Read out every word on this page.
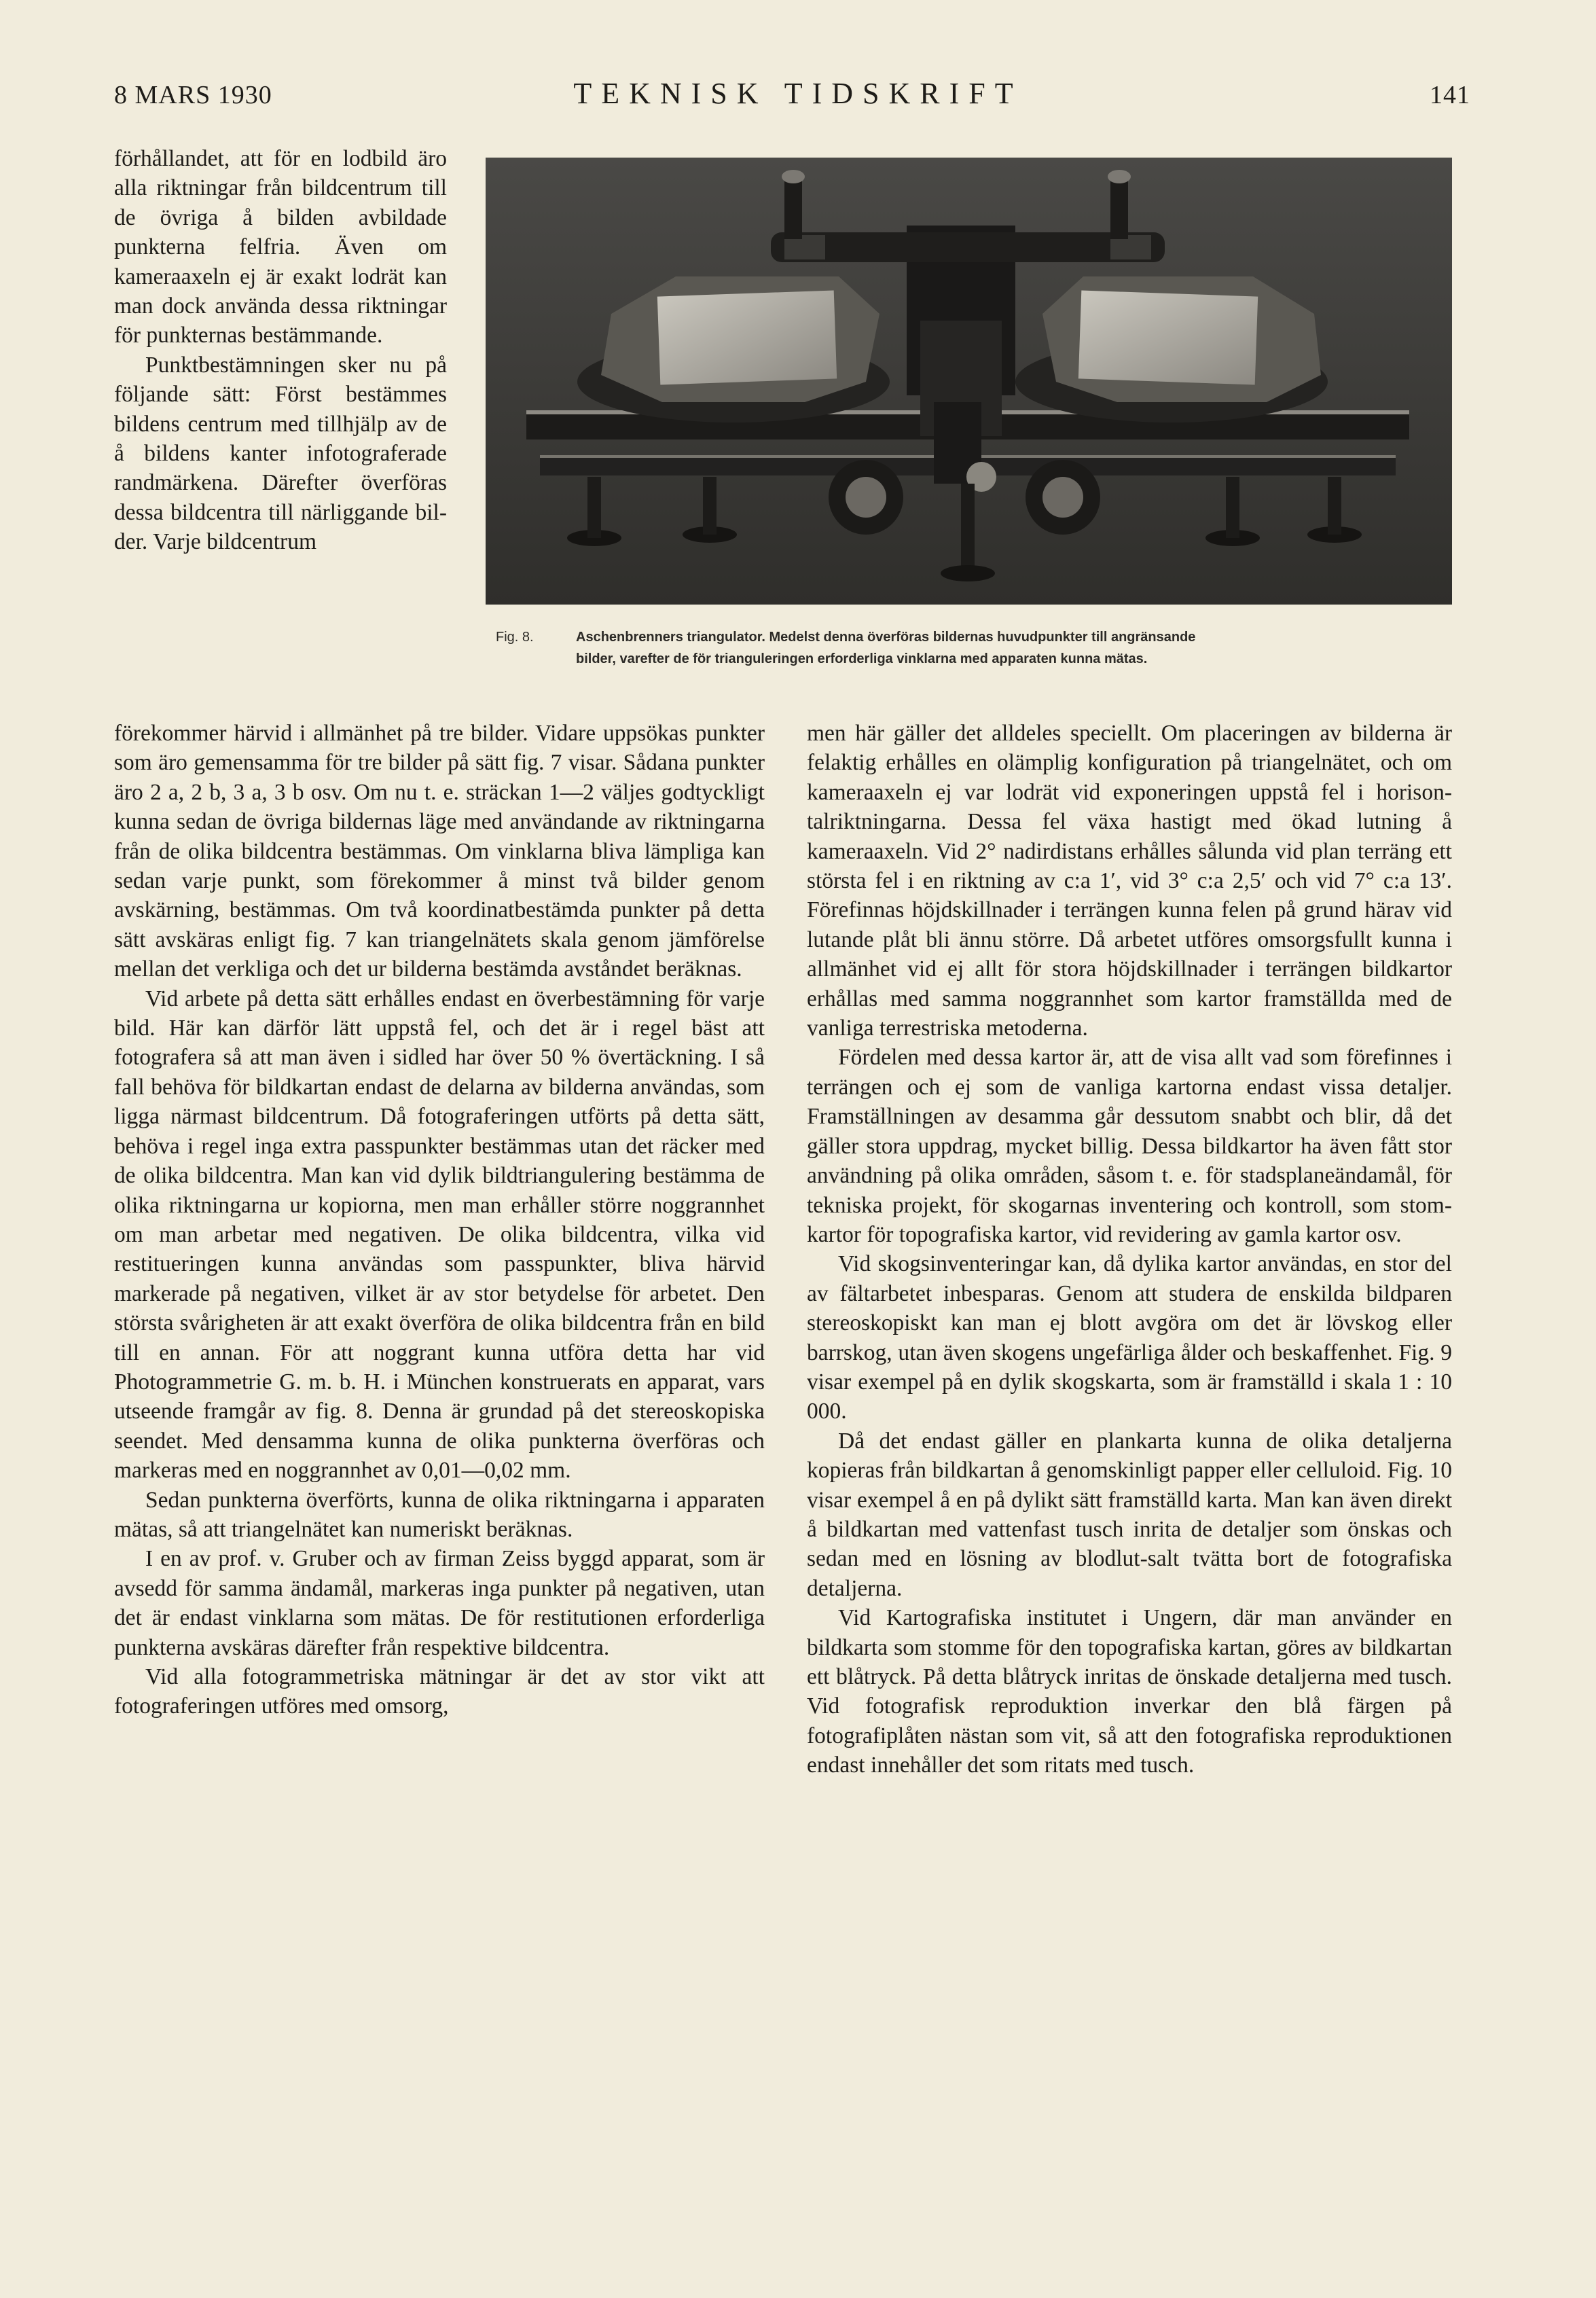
8 MARS 1930	TEKNISK TIDSKRIFT	141

förhållandet, att för en lodbild äro alla riktningar från bildcentrum till de övriga å bilden avbildade punkterna felfria. Även om kameraaxeln ej är exakt lodrät kan man dock använda dessa riktningar för punkternas bestämmande.

Punktbestämningen sker nu på följande sätt: Först bestämmes bildens centrum med tillhjälp av de å bildens kanter infotograferade randmärkena. Därefter överföras dessa bildcentra till närliggande bilder. Varje bildcentrum

Fig. 8.	Aschenbrenners triangulator. Medelst denna överföras bildernas huvudpunkter till angränsande
bilder, varefter de för trianguleringen erforderliga vinklarna med apparaten kunna mätas.

förekommer härvid i allmänhet på tre bilder. Vidare uppsökas punkter som äro gemensamma för tre bilder på sätt fig. 7 visar. Sådana punkter äro 2 a, 2 b, 3 a, 3 b osv. Om nu t. e. sträckan 1—2 väljes godtyckligt kunna sedan de övriga bildernas läge med användande av riktningarna från de olika bildcentra bestämmas. Om vinklarna bliva lämpliga kan sedan varje punkt, som förekommer å minst två bilder genom avskärning, bestämmas. Om två koordinatbestämda punkter på detta sätt avskäras enligt fig. 7 kan triangelnätets skala genom jämförelse mellan det verkliga och det ur bilderna bestämda avståndet beräknas.

Vid arbete på detta sätt erhålles endast en överbestämning för varje bild. Här kan därför lätt uppstå fel, och det är i regel bäst att fotografera så att man även i sidled har över 50 % övertäckning. I så fall behöva för bildkartan endast de delarna av bilderna användas, som ligga närmast bildcentrum. Då fotograferingen utförts på detta sätt, behöva i regel inga extra passpunkter bestämmas utan det räcker med de olika bildcentra. Man kan vid dylik bildtriangulering bestämma de olika riktningarna ur kopiorna, men man erhåller större noggrannhet om man arbetar med negativen. De olika bildcentra, vilka vid restitueringen kunna användas som passpunkter, bliva härvid markerade på negativen, vilket är av stor betydelse för arbetet. Den största svårigheten är att exakt överföra de olika bildcentra från en bild till en annan. För att noggrant kunna utföra detta har vid Photogrammetrie G. m. b. H. i München konstruerats en apparat, vars utseende framgår av fig. 8. Denna är grundad på det stereoskopiska seendet. Med densamma kunna de olika punkterna överföras och markeras med en noggrannhet av 0,01—0,02 mm.

Sedan punkterna överförts, kunna de olika riktningarna i apparaten mätas, så att triangelnätet kan numeriskt beräknas.

I en av prof. v. Gruber och av firman Zeiss byggd apparat, som är avsedd för samma ändamål, markeras inga punkter på negativen, utan det är endast vinklarna som mätas. De för restitutionen erforderliga punkterna avskäras därefter från respektive bildcentra.

Vid alla fotogrammetriska mätningar är det av stor vikt att fotograferingen utföres med omsorg,

men här gäller det alldeles speciellt. Om placeringen av bilderna är felaktig erhålles en olämplig konfiguration på triangelnätet, och om kameraaxeln ej var lodrät vid exponeringen uppstå fel i horisontalriktningarna. Dessa fel växa hastigt med ökad lutning å kameraaxeln. Vid 2° nadirdistans erhålles sålunda vid plan terräng ett största fel i en riktning av c:a 1′, vid 3° c:a 2,5′ och vid 7° c:a 13′. Förefinnas höjdskillnader i terrängen kunna felen på grund härav vid lutande plåt bli ännu större. Då arbetet utföres omsorgsfullt kunna i allmänhet vid ej allt för stora höjdskillnader i terrängen bildkartor erhållas med samma noggrannhet som kartor framställda med de vanliga terrestriska metoderna.

Fördelen med dessa kartor är, att de visa allt vad som förefinnes i terrängen och ej som de vanliga kartorna endast vissa detaljer. Framställningen av desamma går dessutom snabbt och blir, då det gäller stora uppdrag, mycket billig. Dessa bildkartor ha även fått stor användning på olika områden, såsom t. e. för stadsplaneändamål, för tekniska projekt, för skogarnas inventering och kontroll, som stomkartor för topografiska kartor, vid revidering av gamla kartor osv.

Vid skogsinventeringar kan, då dylika kartor användas, en stor del av fältarbetet inbesparas. Genom att studera de enskilda bildparen stereoskopiskt kan man ej blott avgöra om det är lövskog eller barrskog, utan även skogens ungefärliga ålder och beskaffenhet. Fig. 9 visar exempel på en dylik skogskarta, som är framställd i skala 1 : 10 000.

Då det endast gäller en plankarta kunna de olika detaljerna kopieras från bildkartan å genomskinligt papper eller celluloid. Fig. 10 visar exempel å en på dylikt sätt framställd karta. Man kan även direkt å bildkartan med vattenfast tusch inrita de detaljer som önskas och sedan med en lösning av blodlut-salt tvätta bort de fotografiska detaljerna.

Vid Kartografiska institutet i Ungern, där man använder en bildkarta som stomme för den topografiska kartan, göres av bildkartan ett blåtryck. På detta blåtryck inritas de önskade detaljerna med tusch. Vid fotografisk reproduktion inverkar den blå färgen på fotografiplåten nästan som vit, så att den fotografiska reproduktionen endast innehåller det som ritats med tusch.
